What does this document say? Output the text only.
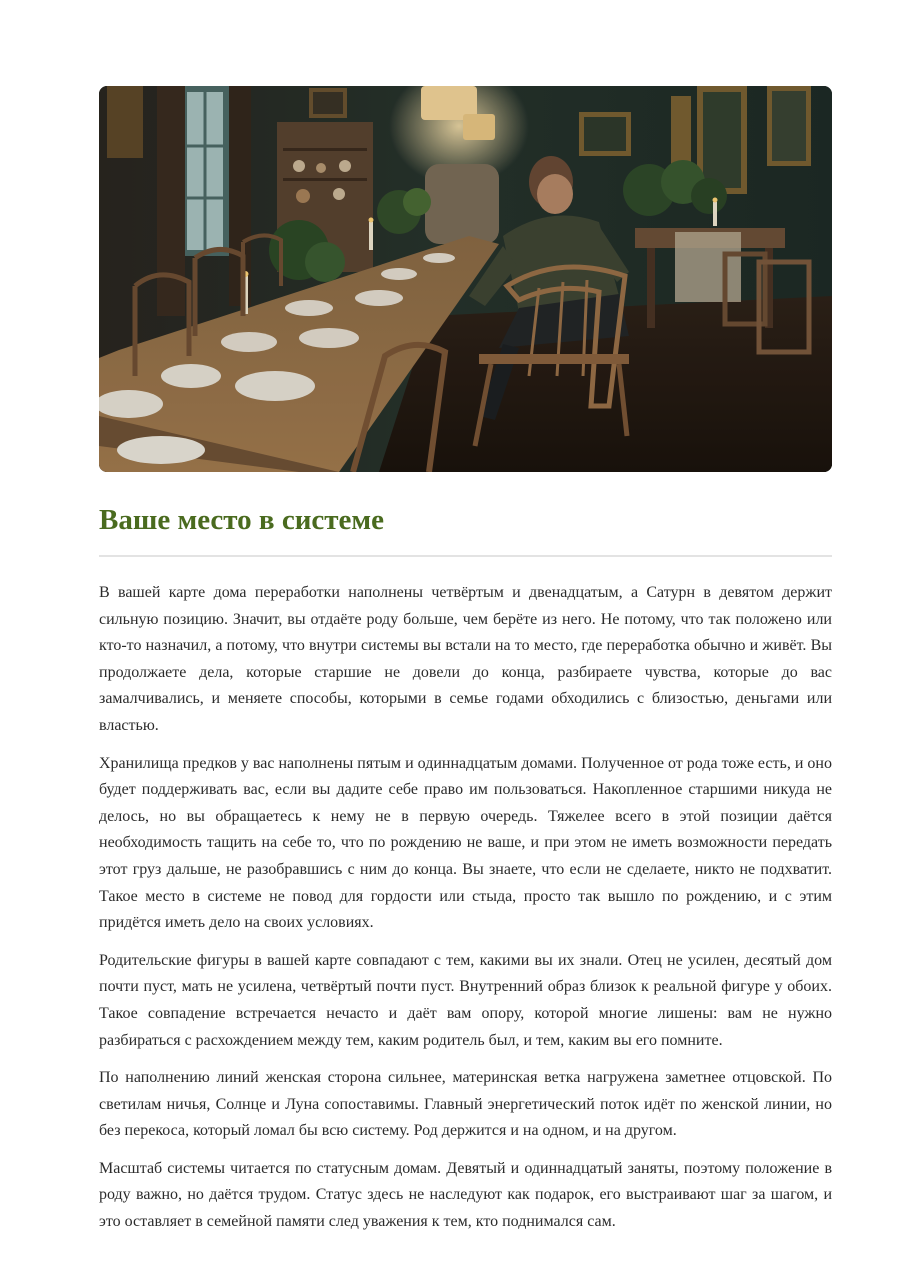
Ваше место в системе

В вашей карте дома переработки наполнены четвёртым и двенадцатым, а Сатурн в девятом держит сильную позицию. Значит, вы отдаёте роду больше, чем берёте из него. Не потому, что так положено или кто-то назначил, а потому, что внутри системы вы встали на то место, где переработка обычно и живёт. Вы продолжаете дела, которые старшие не довели до конца, разбираете чувства, которые до вас замалчивались, и меняете способы, которыми в семье годами обходились с близостью, деньгами или властью.

Хранилища предков у вас наполнены пятым и одиннадцатым домами. Полученное от рода тоже есть, и оно будет поддерживать вас, если вы дадите себе право им пользоваться. Накопленное старшими никуда не делось, но вы обращаетесь к нему не в первую очередь. Тяжелее всего в этой позиции даётся необходимость тащить на себе то, что по рождению не ваше, и при этом не иметь возможности передать этот груз дальше, не разобравшись с ним до конца. Вы знаете, что если не сделаете, никто не подхватит. Такое место в системе не повод для гордости или стыда, просто так вышло по рождению, и с этим придётся иметь дело на своих условиях.

Родительские фигуры в вашей карте совпадают с тем, какими вы их знали. Отец не усилен, десятый дом почти пуст, мать не усилена, четвёртый почти пуст. Внутренний образ близок к реальной фигуре у обоих. Такое совпадение встречается нечасто и даёт вам опору, которой многие лишены: вам не нужно разбираться с расхождением между тем, каким родитель был, и тем, каким вы его помните.

По наполнению линий женская сторона сильнее, материнская ветка нагружена заметнее отцовской. По светилам ничья, Солнце и Луна сопоставимы. Главный энергетический поток идёт по женской линии, но без перекоса, который ломал бы всю систему. Род держится и на одном, и на другом.

Масштаб системы читается по статусным домам. Девятый и одиннадцатый заняты, поэтому положение в роду важно, но даётся трудом. Статус здесь не наследуют как подарок, его выстраивают шаг за шагом, и это оставляет в семейной памяти след уважения к тем, кто поднимался сам.
